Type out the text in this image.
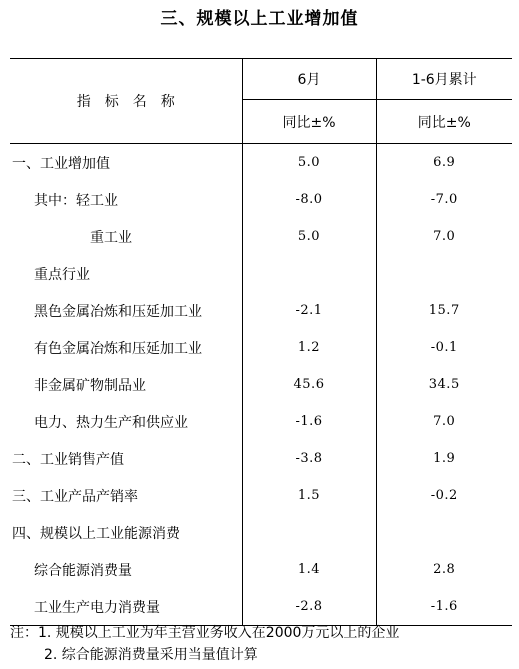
三、规模以上工业增加值
指标名称	6月	1-6月累计
	同比±%	同比±%
一、工业增加值	5.0	6.9
其中：轻工业	-8.0	-7.0
重工业	5.0	7.0
重点行业		
黑色金属冶炼和压延加工业	-2.1	15.7
有色金属冶炼和压延加工业	1.2	-0.1
非金属矿物制品业	45.6	34.5
电力、热力生产和供应业	-1.6	7.0
二、工业销售产值	-3.8	1.9
三、工业产品产销率	1.5	-0.2
四、规模以上工业能源消费		
综合能源消费量	1.4	2.8
工业生产电力消费量	-2.8	-1.6
注：1. 规模以上工业为年主营业务收入在2000万元以上的企业
2. 综合能源消费量采用当量值计算
